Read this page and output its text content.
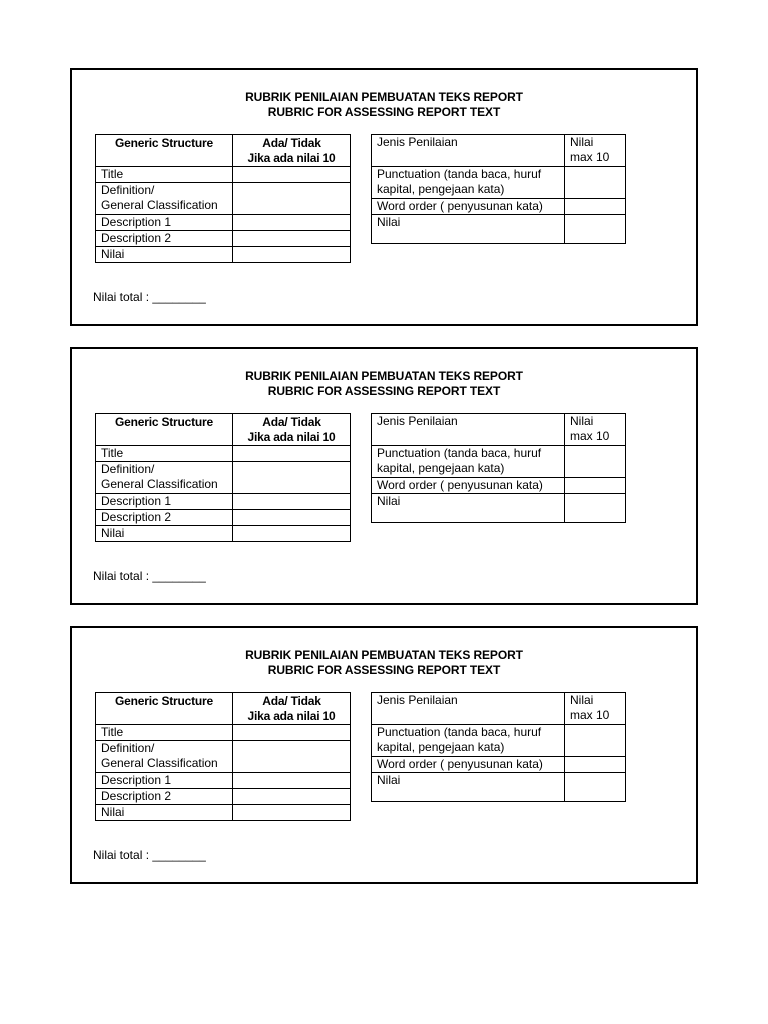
RUBRIK PENILAIAN PEMBUATAN TEKS REPORT
RUBRIC FOR ASSESSING REPORT TEXT
Generic Structure	Ada/ Tidak
Jika ada nilai 10
Title	
Definition/
General Classification	
Description 1	
Description 2	
Nilai	
Jenis Penilaian	Nilai
max 10
Punctuation (tanda baca, huruf
kapital, pengejaan kata)	
Word order ( penyusunan kata)	
Nilai	
Nilai total : ________
RUBRIK PENILAIAN PEMBUATAN TEKS REPORT
RUBRIC FOR ASSESSING REPORT TEXT
Generic Structure	Ada/ Tidak
Jika ada nilai 10
Title	
Definition/
General Classification	
Description 1	
Description 2	
Nilai	
Jenis Penilaian	Nilai
max 10
Punctuation (tanda baca, huruf
kapital, pengejaan kata)	
Word order ( penyusunan kata)	
Nilai	
Nilai total : ________
RUBRIK PENILAIAN PEMBUATAN TEKS REPORT
RUBRIC FOR ASSESSING REPORT TEXT
Generic Structure	Ada/ Tidak
Jika ada nilai 10
Title	
Definition/
General Classification	
Description 1	
Description 2	
Nilai	
Jenis Penilaian	Nilai
max 10
Punctuation (tanda baca, huruf
kapital, pengejaan kata)	
Word order ( penyusunan kata)	
Nilai	
Nilai total : ________
